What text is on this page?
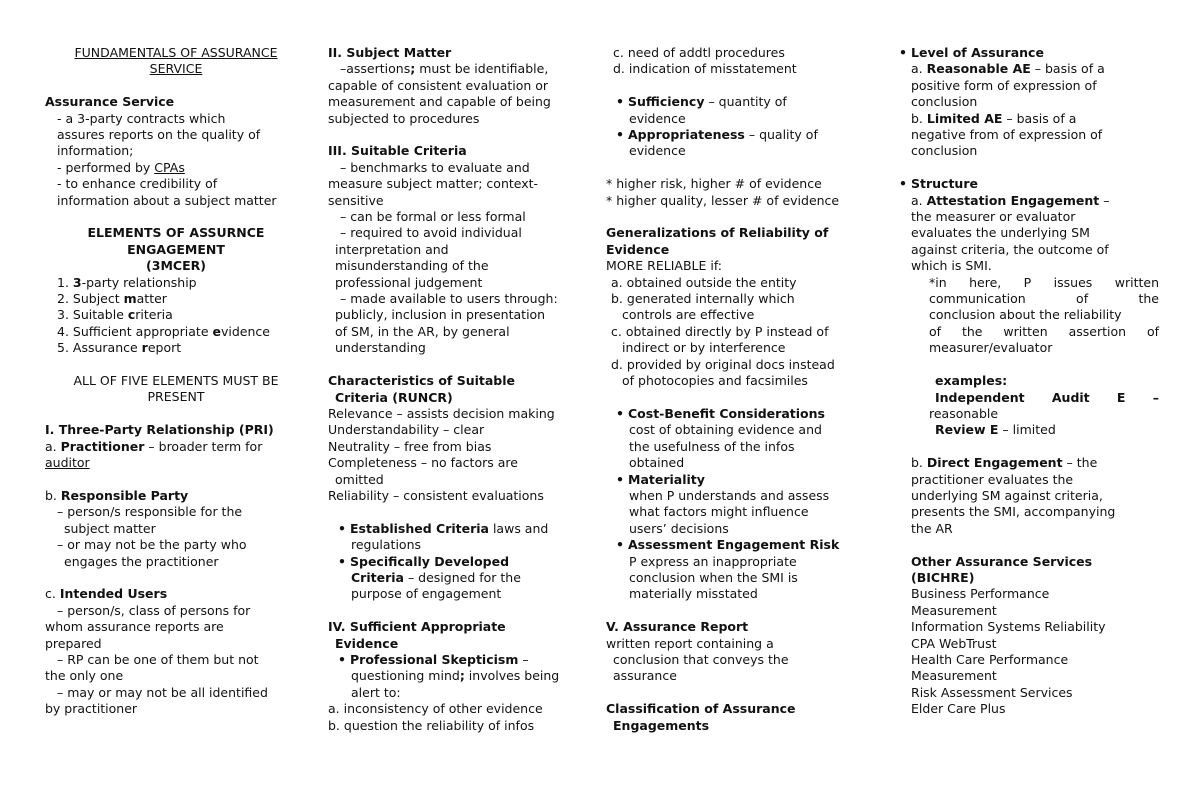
FUNDAMENTALS OF ASSURANCE
SERVICE
Assurance Service
- a 3-party contracts which
assures reports on the quality of
information;
- performed by CPAs
- to enhance credibility of
information about a subject matter
ELEMENTS OF ASSURNCE
ENGAGEMENT
(3MCER)
1. 3-party relationship
2. Subject matter
3. Suitable criteria
4. Sufficient appropriate evidence
5. Assurance report
ALL OF FIVE ELEMENTS MUST BE
PRESENT
I. Three-Party Relationship (PRI)
a. Practitioner – broader term for
auditor
b. Responsible Party
– person/s responsible for the
subject matter
– or may not be the party who
engages the practitioner
c. Intended Users
– person/s, class of persons for
whom assurance reports are
prepared
– RP can be one of them but not
the only one
– may or may not be all identified
by practitioner
II. Subject Matter
–assertions; must be identifiable,
capable of consistent evaluation or
measurement and capable of being
subjected to procedures
III. Suitable Criteria
– benchmarks to evaluate and
measure subject matter; context-
sensitive
– can be formal or less formal
– required to avoid individual
interpretation and
misunderstanding of the
professional judgement
– made available to users through:
publicly, inclusion in presentation
of SM, in the AR, by general
understanding
Characteristics of Suitable
Criteria (RUNCR)
Relevance – assists decision making
Understandability – clear
Neutrality – free from bias
Completeness – no factors are
omitted
Reliability – consistent evaluations
• Established Criteria laws and
regulations
• Specifically Developed
Criteria – designed for the
purpose of engagement
IV. Sufficient Appropriate
Evidence
• Professional Skepticism –
questioning mind; involves being
alert to:
a. inconsistency of other evidence
b. question the reliability of infos
c. need of addtl procedures
d. indication of misstatement
• Sufficiency – quantity of
evidence
• Appropriateness – quality of
evidence
* higher risk, higher # of evidence
* higher quality, lesser # of evidence
Generalizations of Reliability of
Evidence
MORE RELIABLE if:
a. obtained outside the entity
b. generated internally which
controls are effective
c. obtained directly by P instead of
indirect or by interference
d. provided by original docs instead
of photocopies and facsimiles
• Cost-Benefit Considerations
cost of obtaining evidence and
the usefulness of the infos
obtained
• Materiality
when P understands and assess
what factors might influence
users’ decisions
• Assessment Engagement Risk
P express an inappropriate
conclusion when the SMI is
materially misstated
V. Assurance Report
written report containing a
conclusion that conveys the
assurance
Classification of Assurance
Engagements
• Level of Assurance
a. Reasonable AE – basis of a
positive form of expression of
conclusion
b. Limited AE – basis of a
negative from of expression of
conclusion
• Structure
a. Attestation Engagement –
the measurer or evaluator
evaluates the underlying SM
against criteria, the outcome of
which is SMI.
*in here, P issues written
communication of the
conclusion about the reliability
of the written assertion of
measurer/evaluator
examples:
Independent Audit E –
reasonable
Review E – limited
b. Direct Engagement – the
practitioner evaluates the
underlying SM against criteria,
presents the SMI, accompanying
the AR
Other Assurance Services
(BICHRE)
Business Performance
Measurement
Information Systems Reliability
CPA WebTrust
Health Care Performance
Measurement
Risk Assessment Services
Elder Care Plus
